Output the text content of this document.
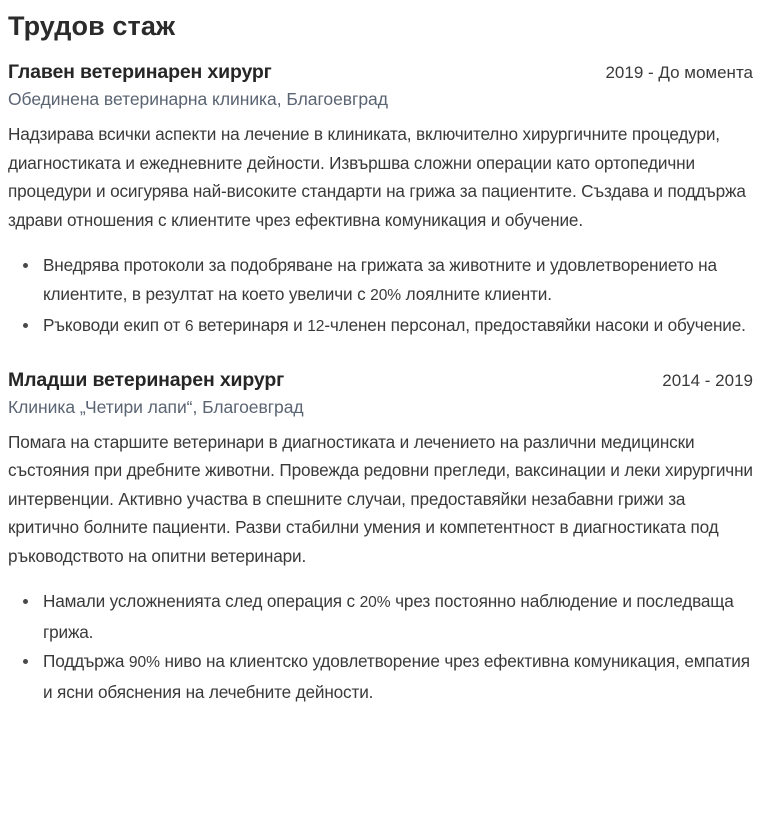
Трудов стаж
Главен ветеринарен хирург	2019 - До момента
Обединена ветеринарна клиника, Благоевград

Надзирава всички аспекти на лечение в клиниката, включително хирургичните процедури, диагностиката и ежедневните дейности. Извършва сложни операции като ортопедични процедури и осигурява най-високите стандарти на грижа за пациентите. Създава и поддържа здрави отношения с клиентите чрез ефективна комуникация и обучение.

Внедрява протоколи за подобряване на грижата за животните и удовлетворението на клиентите, в резултат на което увеличи с 20% лоялните клиенти.
Ръководи екип от 6 ветеринаря и 12-членен персонал, предоставяйки насоки и обучение.
Младши ветеринарен хирург	2014 - 2019
Клиника „Четири лапи“, Благоевград

Помага на старшите ветеринари в диагностиката и лечението на различни медицински състояния при дребните животни. Провежда редовни прегледи, ваксинации и леки хирургични интервенции. Активно участва в спешните случаи, предоставяйки незабавни грижи за критично болните пациенти. Разви стабилни умения и компетентност в диагностиката под ръководството на опитни ветеринари.

Намали усложненията след операция с 20% чрез постоянно наблюдение и последваща грижа.
Поддържа 90% ниво на клиентско удовлетворение чрез ефективна комуникация, емпатия и ясни обяснения на лечебните дейности.
